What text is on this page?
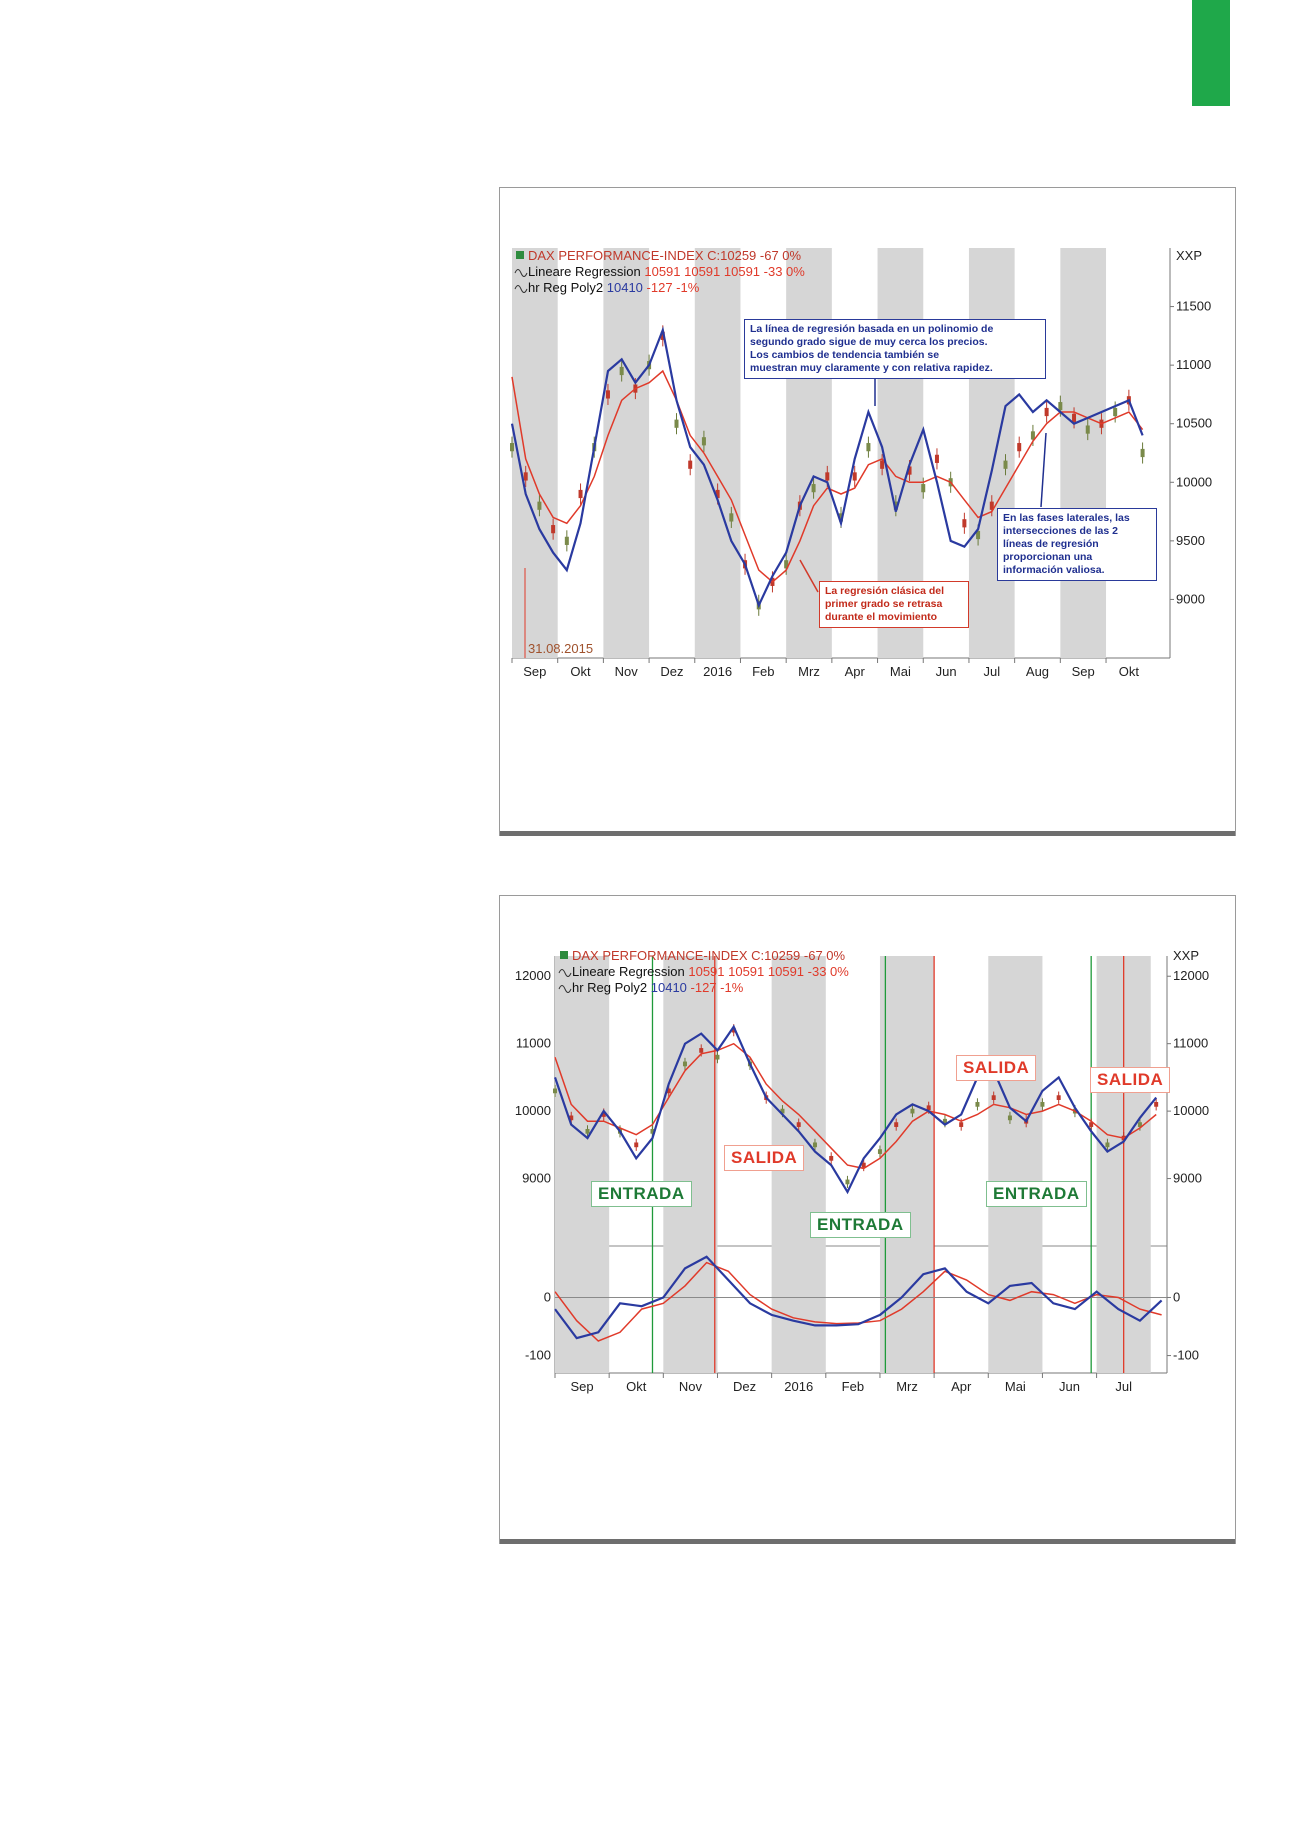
9000
9500
10000
10500
11000
11500
Sep Okt Nov Dez 2016 Feb Mrz Apr Mai Jun Jul Aug Sep Okt
DAX PERFORMANCE-INDEX C:10259 -67 0%
Lineare Regression 10591 10591 10591 -33 0%
hr Reg Poly2 10410 -127 -1%
XXP
31.08.2015
La línea de regresión basada en un polinomio de
segundo grado sigue de muy cerca los precios.
Los cambios de tendencia también se
muestran muy claramente y con relativa rapidez.
La regresión clásica del
primer grado se retrasa
durante el movimiento
En las fases laterales, las
intersecciones de las 2
líneas de regresión
proporcionan una
información valiosa.
9000
9000
10000
10000
11000
11000
12000
12000
-100
-100
0
0
Sep Okt Nov Dez 2016 Feb Mrz	Apr	Mai	Jun	Jul
DAX PERFORMANCE-INDEX C:10259 -67 0%
Lineare Regression 10591 10591 10591 -33 0%
hr Reg Poly2 10410 -127 -1%
XXP
ENTRADA
ENTRADA
ENTRADA
SALIDA
SALIDA
SALIDA
